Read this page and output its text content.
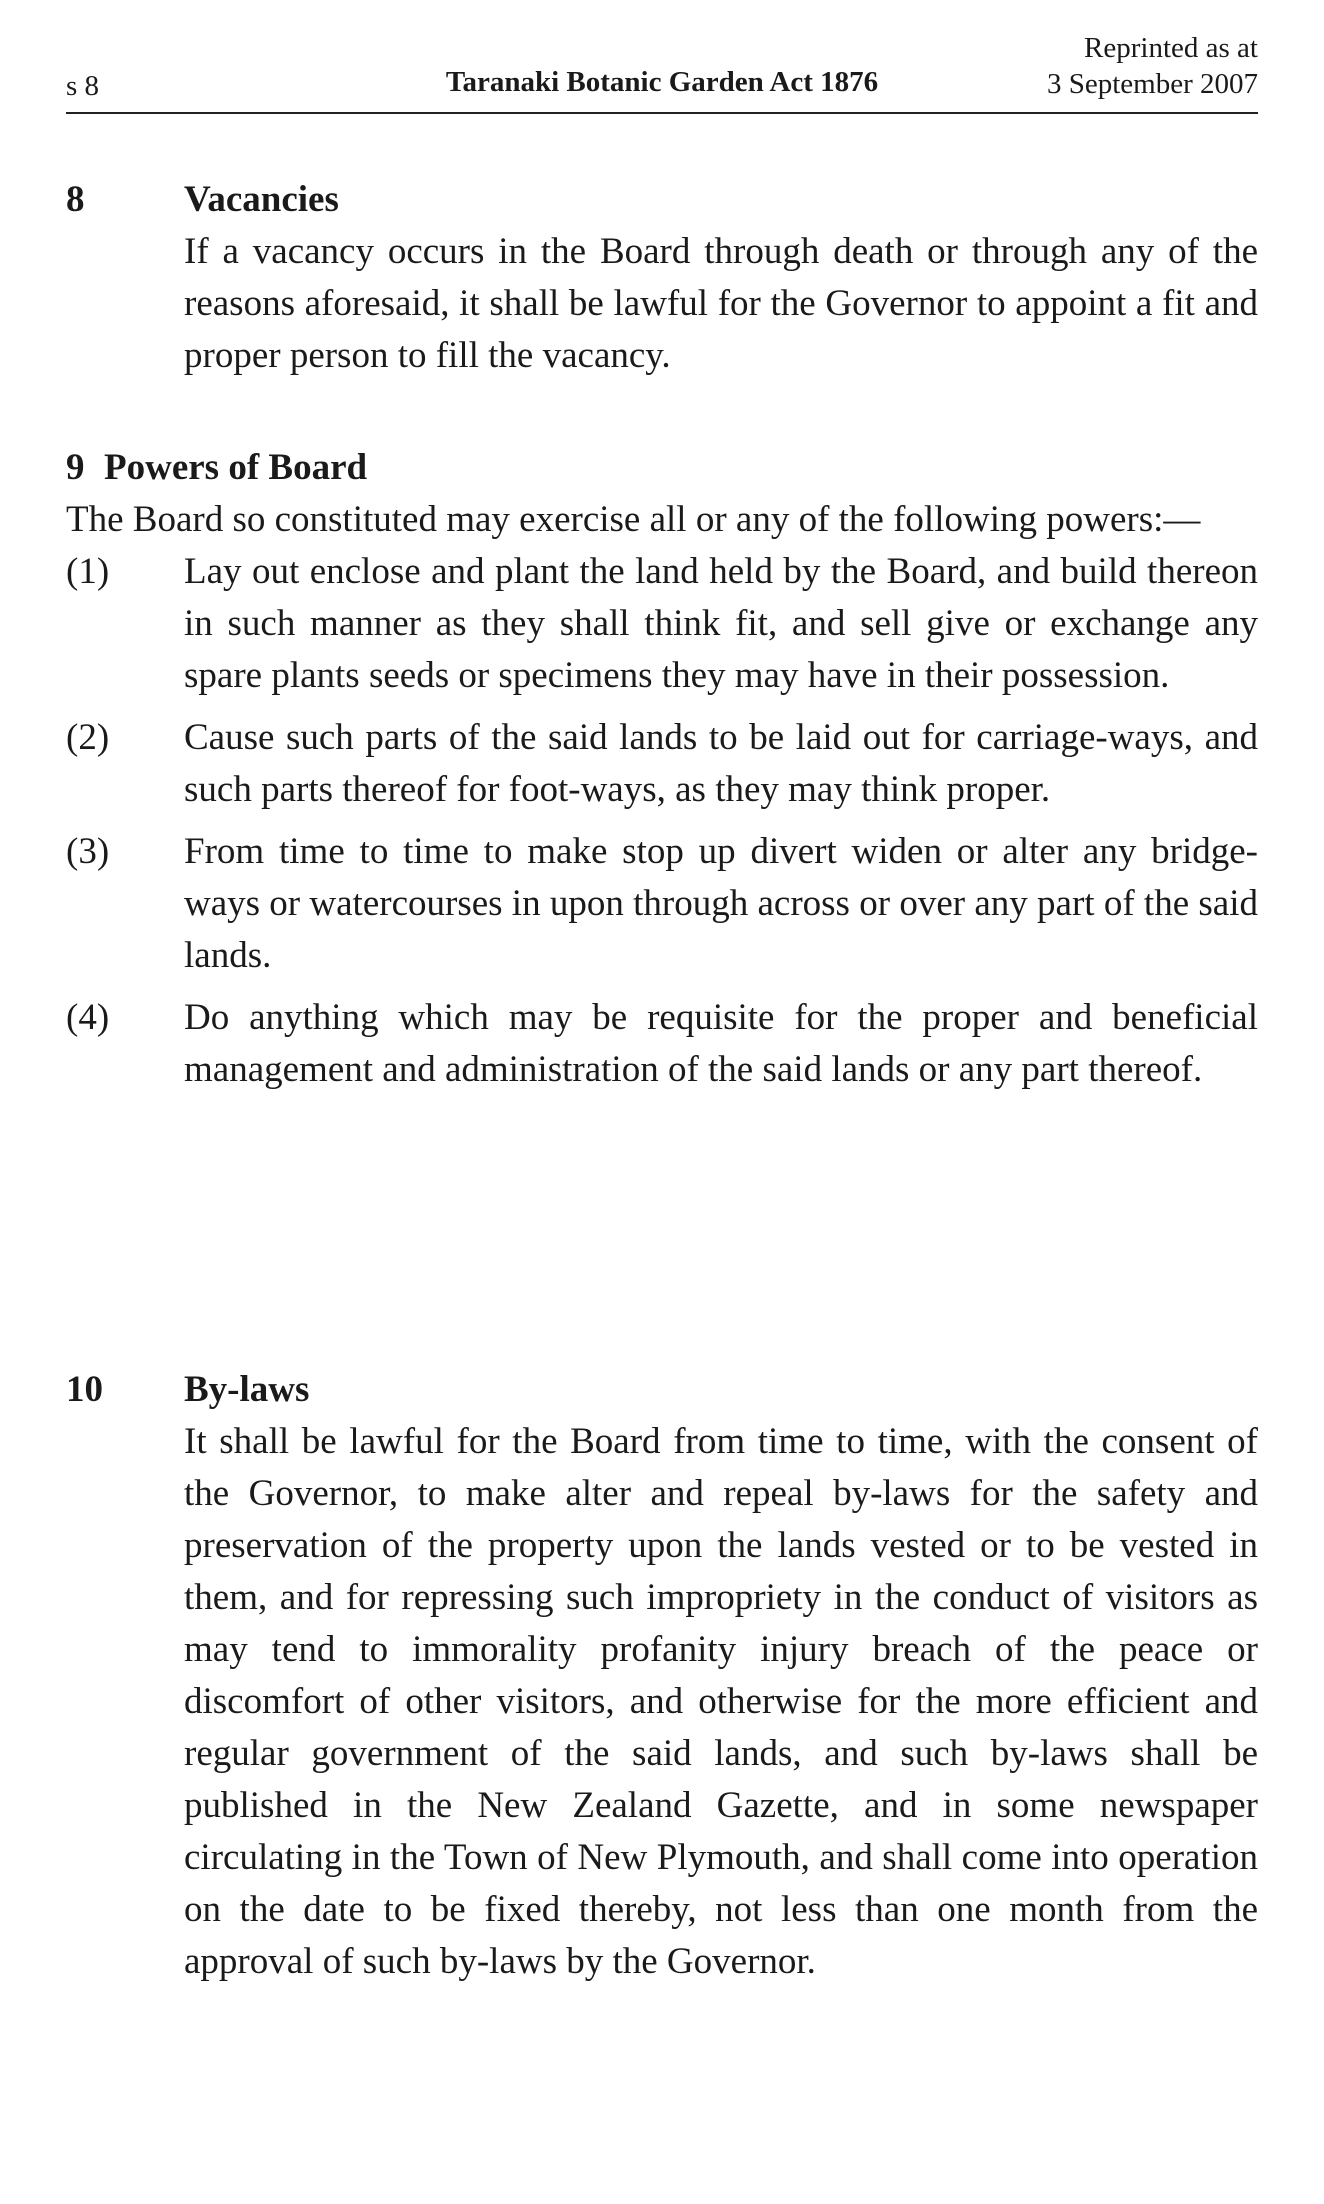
s 8	Taranaki Botanic Garden Act 1876
Reprinted as at
3 September 2007
8	Vacancies
If a vacancy occurs in the Board through death or through any of the reasons aforesaid, it shall be lawful for the Governor to appoint a fit and proper person to fill the vacancy.
9 Powers of Board
The Board so constituted may exercise all or any of the following powers:—
(1) Lay out enclose and plant the land held by the Board, and build thereon in such manner as they shall think fit, and sell give or exchange any spare plants seeds or specimens they may have in their possession.
(2) Cause such parts of the said lands to be laid out for carriage-ways, and such parts thereof for foot-ways, as they may think proper.
(3) From time to time to make stop up divert widen or alter any bridge-ways or watercourses in upon through across or over any part of the said lands.
(4) Do anything which may be requisite for the proper and beneficial management and administration of the said lands or any part thereof.
10 By-laws
It shall be lawful for the Board from time to time, with the consent of the Governor, to make alter and repeal by-laws for the safety and preservation of the property upon the lands vested or to be vested in them, and for repressing such impropriety in the conduct of visitors as may tend to immorality profanity injury breach of the peace or discomfort of other visitors, and otherwise for the more efficient and regular government of the said lands, and such by-laws shall be published in the New Zealand Gazette, and in some newspaper circulating in the Town of New Plymouth, and shall come into operation on the date to be fixed thereby, not less than one month from the approval of such by-laws by the Governor.
